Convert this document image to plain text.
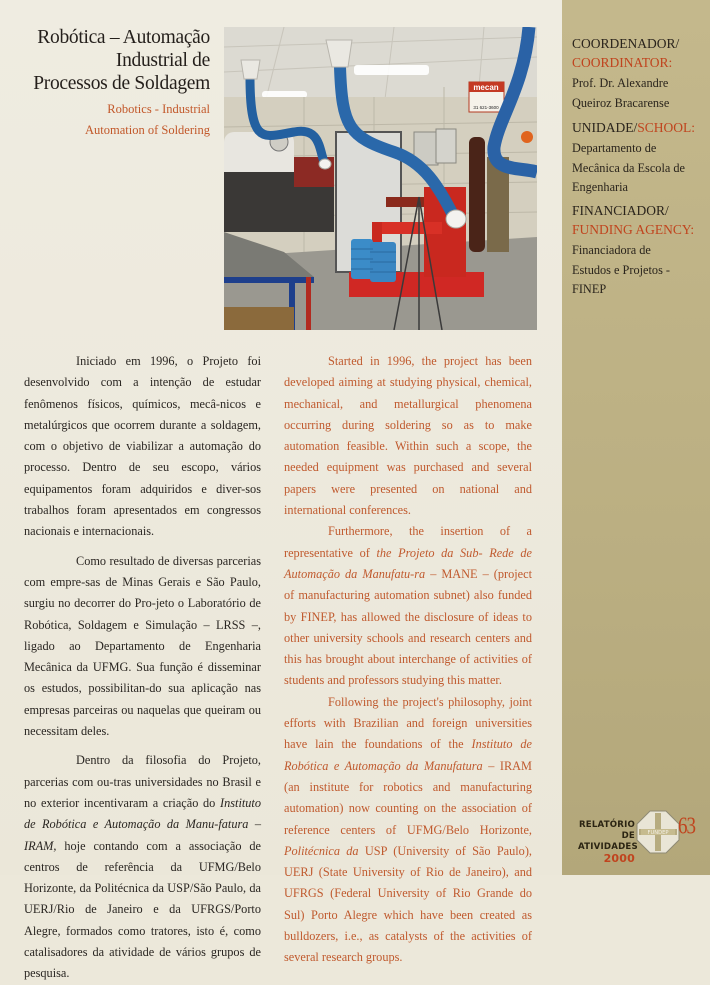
Robótica – Automação
Industrial de
Processos de Soldagem
Robotics - Industrial
Automation of Soldering
mecan
31 621-3600

Iniciado em 1996, o Projeto foi desenvolvido com a intenção de estudar fenômenos físicos, químicos, mecâ-nicos e metalúrgicos que ocorrem durante a soldagem, com o objetivo de viabilizar a automação do processo. Dentro de seu escopo, vários equipamentos foram adquiridos e diver-sos trabalhos foram apresentados em congressos nacionais e internacionais.

Como resultado de diversas parcerias com empre-sas de Minas Gerais e São Paulo, surgiu no decorrer do Pro-jeto o Laboratório de Robótica, Soldagem e Simulação – LRSS –, ligado ao Departamento de Engenharia Mecânica da UFMG. Sua função é disseminar os estudos, possibilitan-do sua aplicação nas empresas parceiras ou naquelas que queiram ou necessitam deles.

Dentro da filosofia do Projeto, parcerias com ou-tras universidades no Brasil e no exterior incentivaram a criação do Instituto de Robótica e Automação da Manu-fatura – IRAM, hoje contando com a associação de centros de referência da UFMG/Belo Horizonte, da Politécnica da USP/São Paulo, da UERJ/Rio de Janeiro e da UFRGS/Porto Alegre, formados como tratores, isto é, como catalisadores da atividade de vários grupos de pesquisa.

Started in 1996, the project has been developed aiming at studying physical, chemical, mechanical, and metallurgical phenomena occurring during soldering so as to make automation feasible. Within such a scope, the needed equipment was purchased and several papers were presented on national and international conferences.

Furthermore, the insertion of a representative of the Projeto da Sub- Rede de Automação da Manufatu-ra – MANE – (project of manufacturing automation subnet) also funded by FINEP, has allowed the disclosure of ideas to other university schools and research centers and this has brought about interchange of activities of students and professors studying this matter.

Following the project's philosophy, joint efforts with Brazilian and foreign universities have lain the foundations of the Instituto de Robótica e Automação da Manufatura – IRAM (an institute for robotics and manufacturing automation) now counting on the association of reference centers of UFMG/Belo Horizonte, Politécnica da USP (University of São Paulo), UERJ (State University of Rio de Janeiro), and UFRGS (Federal University of Rio Grande do Sul) Porto Alegre which have been created as bulldozers, i.e., as catalysts of the activities of several research groups.

COORDENADOR/
COORDINATOR:
Prof. Dr. Alexandre
Queiroz Bracarense
UNIDADE/SCHOOL:
Departamento de
Mecânica da Escola de
Engenharia
FINANCIADOR/
FUNDING AGENCY:
Financiadora de
Estudos e Projetos -
FINEP
RELATÓRIO DE
ATIVIDADES 2000
FUNDEP 63
